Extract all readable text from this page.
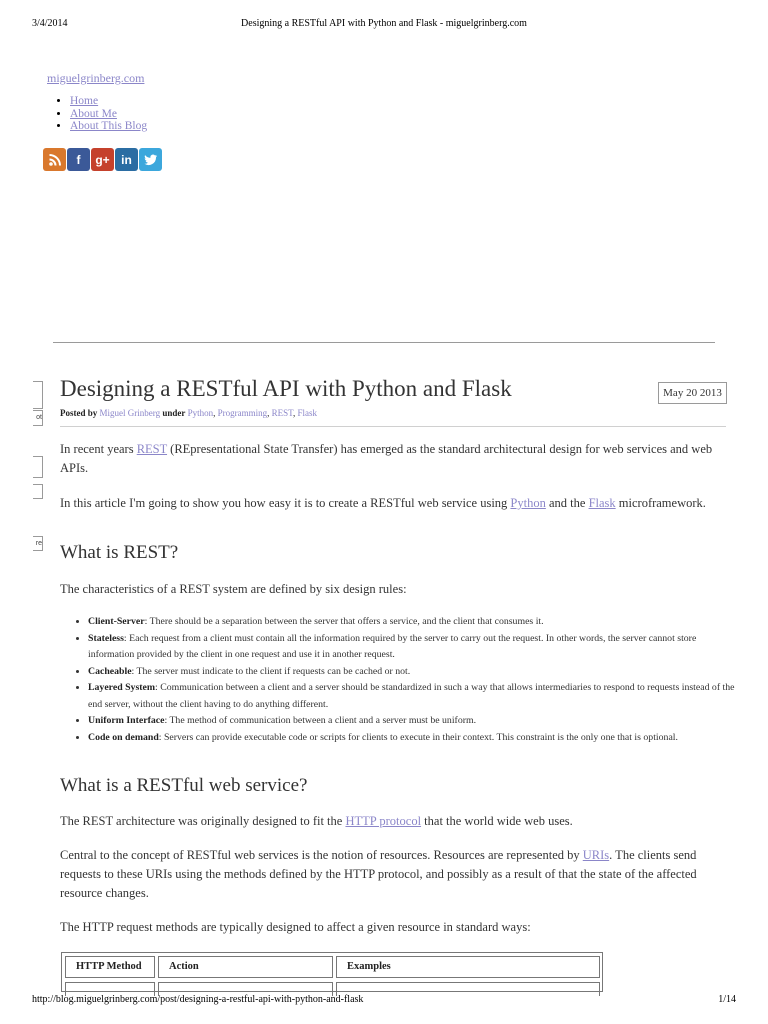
3/4/2014	Designing a RESTful API with Python and Flask - miguelgrinberg.com
miguelgrinberg.com
• Home
• About Me
• About This Blog
f	g+ in
ot
re
Designing a RESTful API with Python and Flask	May 20 2013
Posted by Miguel Grinberg under Python, Programming, REST, Flask

In recent years REST (REpresentational State Transfer) has emerged as the standard architectural design for web services and web APIs.

In this article I'm going to show you how easy it is to create a RESTful web service using Python and the Flask microframework.

What is REST?

The characteristics of a REST system are defined by six design rules:

• Client-Server: There should be a separation between the server that offers a service, and the client that consumes it.
• Stateless: Each request from a client must contain all the information required by the server to carry out the request. In other words, the server cannot store information provided by the client in one request and use it in another request.
• Cacheable: The server must indicate to the client if requests can be cached or not.
• Layered System: Communication between a client and a server should be standardized in such a way that allows intermediaries to respond to requests instead of the end server, without the client having to do anything different.
• Uniform Interface: The method of communication between a client and a server must be uniform.
• Code on demand: Servers can provide executable code or scripts for clients to execute in their context. This constraint is the only one that is optional.
What is a RESTful web service?

The REST architecture was originally designed to fit the HTTP protocol that the world wide web uses.

Central to the concept of RESTful web services is the notion of resources. Resources are represented by URIs. The clients send requests to these URIs using the methods defined by the HTTP protocol, and possibly as a result of that the state of the affected resource changes.

The HTTP request methods are typically designed to affect a given resource in standard ways:

HTTP Method	Action	Examples
http://blog.miguelgrinberg.com/post/designing-a-restful-api-with-python-and-flask	1/14
